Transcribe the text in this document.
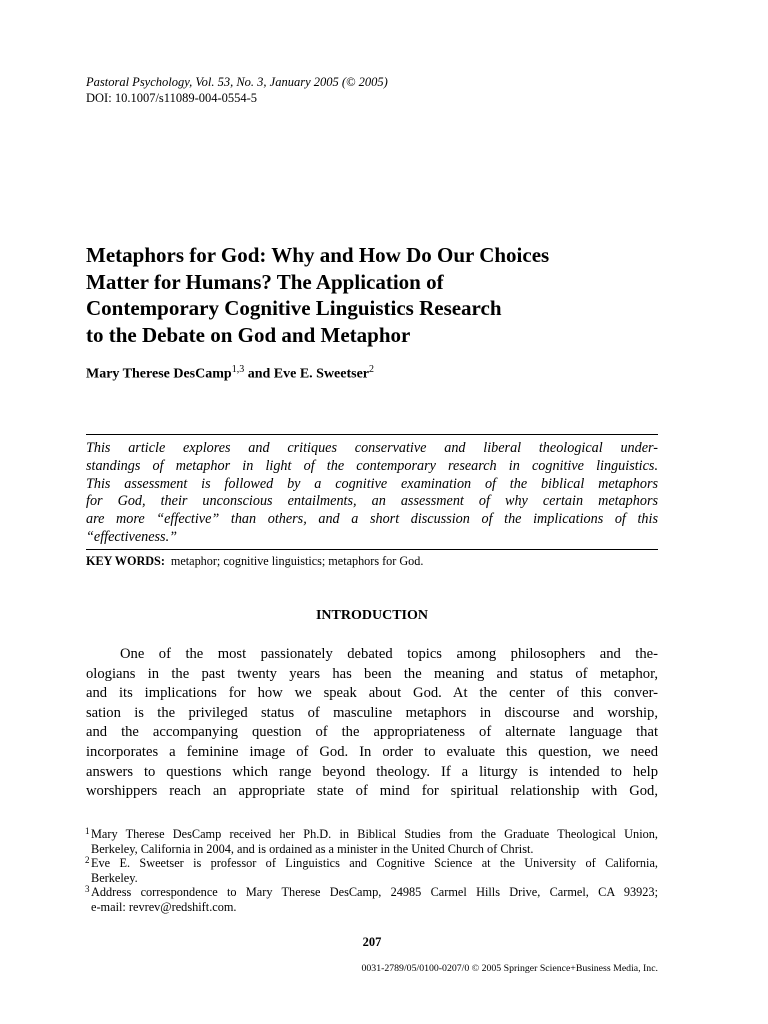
Pastoral Psychology, Vol. 53, No. 3, January 2005 (© 2005)
DOI: 10.1007/s11089-004-0554-5
Metaphors for God: Why and How Do Our Choices
Matter for Humans? The Application of
Contemporary Cognitive Linguistics Research
to the Debate on God and Metaphor
Mary Therese DesCamp$^{1,3}$ and Eve E. Sweetser$^2$
This article explores and critiques conservative and liberal theological under-
standings of metaphor in light of the contemporary research in cognitive linguistics.
This assessment is followed by a cognitive examination of the biblical metaphors
for God, their unconscious entailments, an assessment of why certain metaphors
are more “effective” than others, and a short discussion of the implications of this
“effectiveness.”
KEY WORDS: metaphor; cognitive linguistics; metaphors for God.
INTRODUCTION
One of the most passionately debated topics among philosophers and the-
ologians in the past twenty years has been the meaning and status of metaphor,
and its implications for how we speak about God. At the center of this conver-
sation is the privileged status of masculine metaphors in discourse and worship,
and the accompanying question of the appropriateness of alternate language that
incorporates a feminine image of God. In order to evaluate this question, we need
answers to questions which range beyond theology. If a liturgy is intended to help
worshippers reach an appropriate state of mind for spiritual relationship with God,
1 Mary Therese DesCamp received her Ph.D. in Biblical Studies from the Graduate Theological Union,
Berkeley, California in 2004, and is ordained as a minister in the United Church of Christ.
2 Eve E. Sweetser is professor of Linguistics and Cognitive Science at the University of California,
Berkeley.
3 Address correspondence to Mary Therese DesCamp, 24985 Carmel Hills Drive, Carmel, CA 93923;
e-mail: revrev@redshift.com.
207
0031-2789/05/0100-0207/0 © 2005 Springer Science+Business Media, Inc.
